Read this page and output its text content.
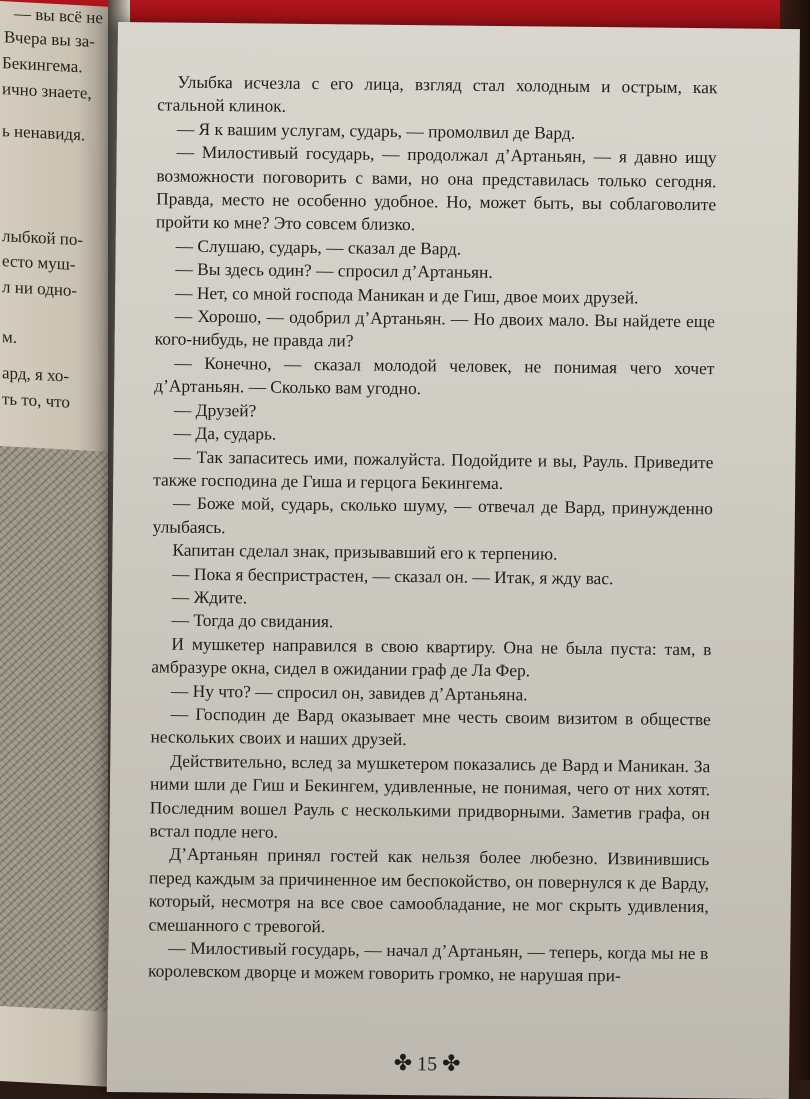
— вы всё не
Вчера вы за-
Бекингема.
ично знаете,
ь ненавидя.
лыбкой по-
есто муш-
л ни одно-
м.
ард, я хо-
ть то, что

Улыбка исчезла с его лица, взгляд стал холодным и острым, как стальной клинок.

— Я к вашим услугам, сударь, — промолвил де Вард.

— Милостивый государь, — продолжал д’Артаньян, — я давно ищу возможности поговорить с вами, но она представилась только сегодня. Правда, место не особенно удобное. Но, может быть, вы соблаговолите пройти ко мне? Это совсем близко.

— Слушаю, сударь, — сказал де Вард.

— Вы здесь один? — спросил д’Артаньян.

— Нет, со мной господа Маникан и де Гиш, двое моих друзей.

— Хорошо, — одобрил д’Артаньян. — Но двоих мало. Вы найдете еще кого-нибудь, не правда ли?

— Конечно, — сказал молодой человек, не понимая чего хочет д’Артаньян. — Сколько вам угодно.

— Друзей?

— Да, сударь.

— Так запаситесь ими, пожалуйста. Подойдите и вы, Рауль. Приведите также господина де Гиша и герцога Бекингема.

— Боже мой, сударь, сколько шуму, — отвечал де Вард, принужденно улыбаясь.

Капитан сделал знак, призывавший его к терпению.

— Пока я беспристрастен, — сказал он. — Итак, я жду вас.

— Ждите.

— Тогда до свидания.

И мушкетер направился в свою квартиру. Она не была пуста: там, в амбразуре окна, сидел в ожидании граф де Ла Фер.

— Ну что? — спросил он, завидев д’Артаньяна.

— Господин де Вард оказывает мне честь своим визитом в обществе нескольких своих и наших друзей.

Действительно, вслед за мушкетером показались де Вард и Маникан. За ними шли де Гиш и Бекингем, удивленные, не понимая, чего от них хотят. Последним вошел Рауль с несколькими придворными. Заметив графа, он встал подле него.

Д’Артаньян принял гостей как нельзя более любезно. Извинившись перед каждым за причиненное им беспокойство, он повернулся к де Варду, который, несмотря на все свое самообладание, не мог скрыть удивления, смешанного с тревогой.

— Милостивый государь, — начал д’Артаньян, — теперь, когда мы не в королевском дворце и можем говорить громко, не нарушая при-

✤ 15 ✤
